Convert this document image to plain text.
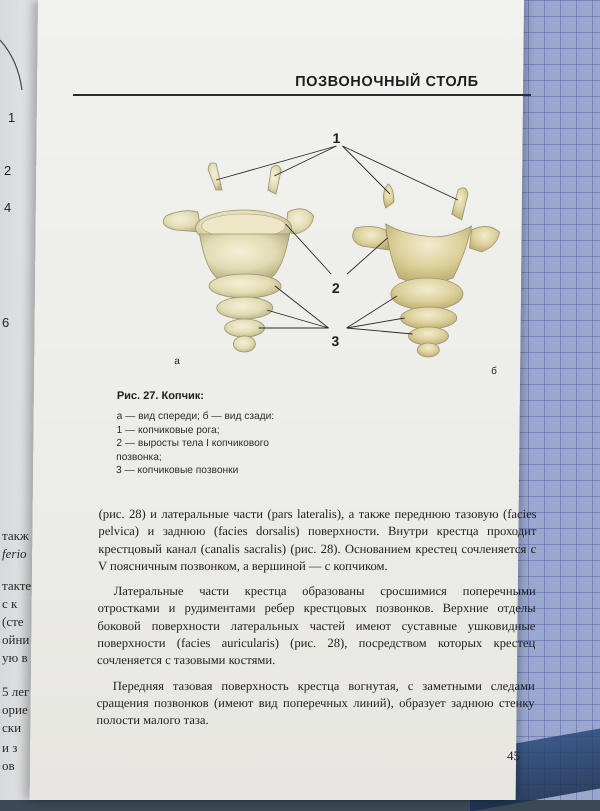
1
2
4
6
такж
ferio
такте
с к
(сте
ойни
ую в
5 лег
орие
ски
и з
ов
ПОЗВОНОЧНЫЙ СТОЛБ
1
2
3
а
б
Рис. 27. Копчик:
а — вид спереди; б — вид сзади:
1 — копчиковые рога;
2 — выросты тела I копчикового
позвонка;
3 — копчиковые позвонки

(рис. 28) и латеральные части (pars lateralis), а также переднюю тазовую (facies pelvica) и заднюю (facies dorsalis) поверхности. Внутри крестца проходит крестцовый канал (canalis sacralis) (рис. 28). Основанием крестец сочленяется с V поясничным позвонком, а вершиной — с копчиком.

Латеральные части крестца образованы сросшимися поперечными отростками и рудиментами ребер крестцовых позвонков. Верхние отделы боковой поверхности латеральных частей имеют суставные ушковидные поверхности (facies auricularis) (рис. 28), посредством которых крестец сочленяется с тазовыми костями.

Передняя тазовая поверхность крестца вогнутая, с заметными следами сращения позвонков (имеют вид поперечных линий), образует заднюю стенку полости малого таза.

45
